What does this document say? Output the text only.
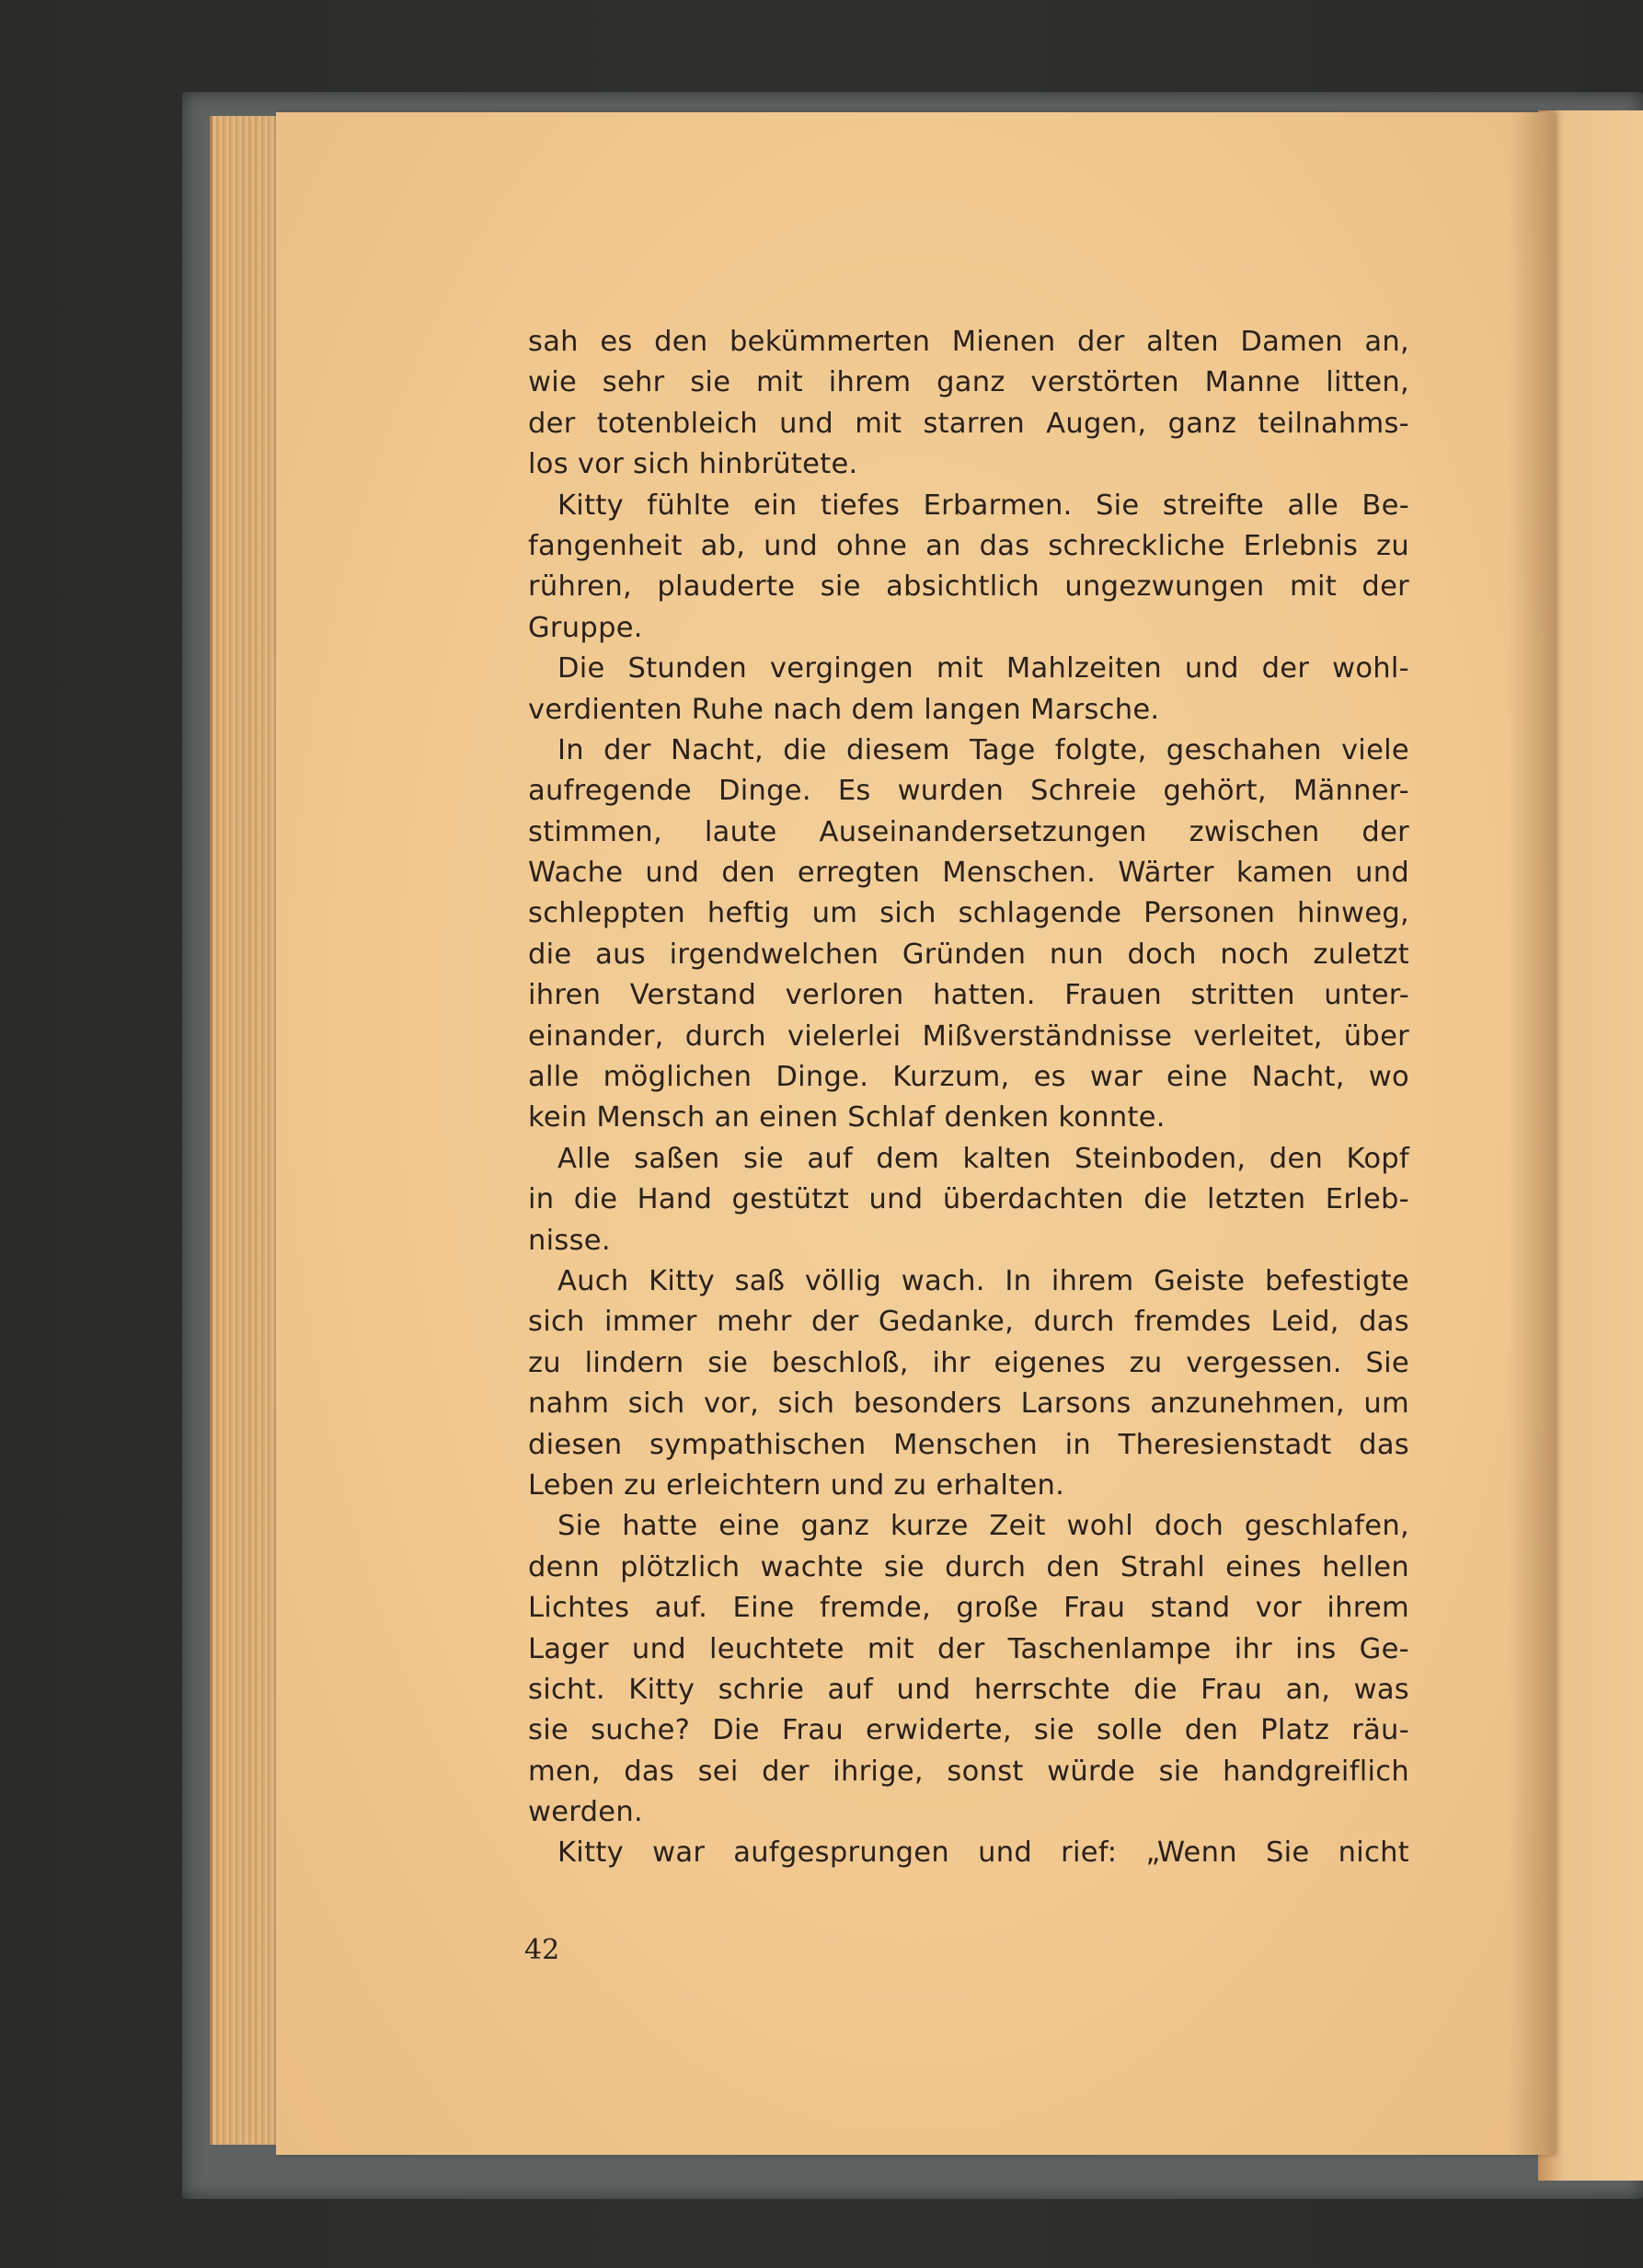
sah es den bekümmerten Mienen der alten Damen an,
wie sehr sie mit ihrem ganz verstörten Manne litten,
der totenbleich und mit starren Augen, ganz teilnahms-
los vor sich hinbrütete.
Kitty fühlte ein tiefes Erbarmen. Sie streifte alle Be-
fangenheit ab, und ohne an das schreckliche Erlebnis zu
rühren, plauderte sie absichtlich ungezwungen mit der
Gruppe.
Die Stunden vergingen mit Mahlzeiten und der wohl-
verdienten Ruhe nach dem langen Marsche.
In der Nacht, die diesem Tage folgte, geschahen viele
aufregende Dinge. Es wurden Schreie gehört, Männer-
stimmen, laute Auseinandersetzungen zwischen der
Wache und den erregten Menschen. Wärter kamen und
schleppten heftig um sich schlagende Personen hinweg,
die aus irgendwelchen Gründen nun doch noch zuletzt
ihren Verstand verloren hatten. Frauen stritten unter-
einander, durch vielerlei Mißverständnisse verleitet, über
alle möglichen Dinge. Kurzum, es war eine Nacht, wo
kein Mensch an einen Schlaf denken konnte.
Alle saßen sie auf dem kalten Steinboden, den Kopf
in die Hand gestützt und überdachten die letzten Erleb-
nisse.
Auch Kitty saß völlig wach. In ihrem Geiste befestigte
sich immer mehr der Gedanke, durch fremdes Leid, das
zu lindern sie beschloß, ihr eigenes zu vergessen. Sie
nahm sich vor, sich besonders Larsons anzunehmen, um
diesen sympathischen Menschen in Theresienstadt das
Leben zu erleichtern und zu erhalten.
Sie hatte eine ganz kurze Zeit wohl doch geschlafen,
denn plötzlich wachte sie durch den Strahl eines hellen
Lichtes auf. Eine fremde, große Frau stand vor ihrem
Lager und leuchtete mit der Taschenlampe ihr ins Ge-
sicht. Kitty schrie auf und herrschte die Frau an, was
sie suche? Die Frau erwiderte, sie solle den Platz räu-
men, das sei der ihrige, sonst würde sie handgreiflich
werden.
Kitty war aufgesprungen und rief: „Wenn Sie nicht
42
